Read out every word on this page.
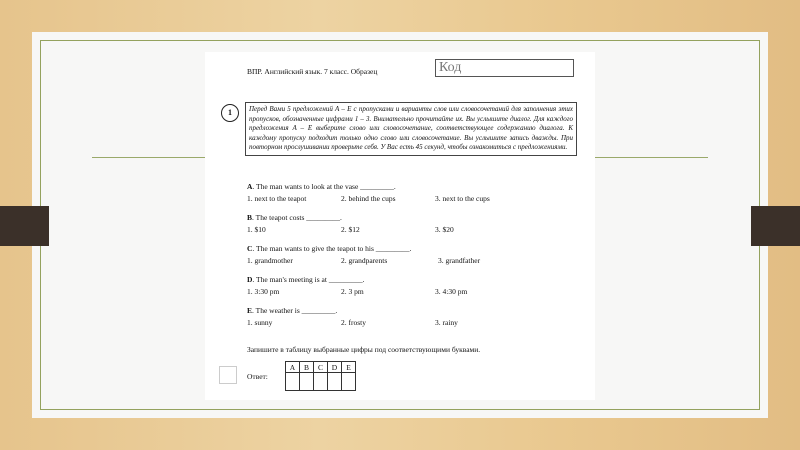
ВПР. Английский язык. 7 класс. Образец	Код
1	Перед Вами 5 предложений A – E с пропусками и варианты слов или словосочетаний для заполнения этих пропусков, обозначенные цифрами 1 – 3. Внимательно прочитайте их. Вы услышите диалог. Для каждого предложения A – E выберите слово или словосочетание, соответствующее содержанию диалога. К каждому пропуску подходит только одно слово или словосочетание. Вы услышите запись дважды. При повторном прослушивании проверьте себя. У Вас есть 45 секунд, чтобы ознакомиться с предложениями.
A. The man wants to look at the vase _________.
1. next to the teapot	2. behind the cups	3. next to the cups
B. The teapot costs _________.
1. $10	2. $12	3. $20
C. The man wants to give the teapot to his _________.
1. grandmother	2. grandparents	3. grandfather
D. The man's meeting is at _________.
1. 3:30 pm	2. 3 pm	3. 4:30 pm
E. The weather is _________.
1. sunny	2. frosty	3. rainy
Запишите в таблицу выбранные цифры под соответствующими буквами.
Ответ:
A	B	C	D	E
